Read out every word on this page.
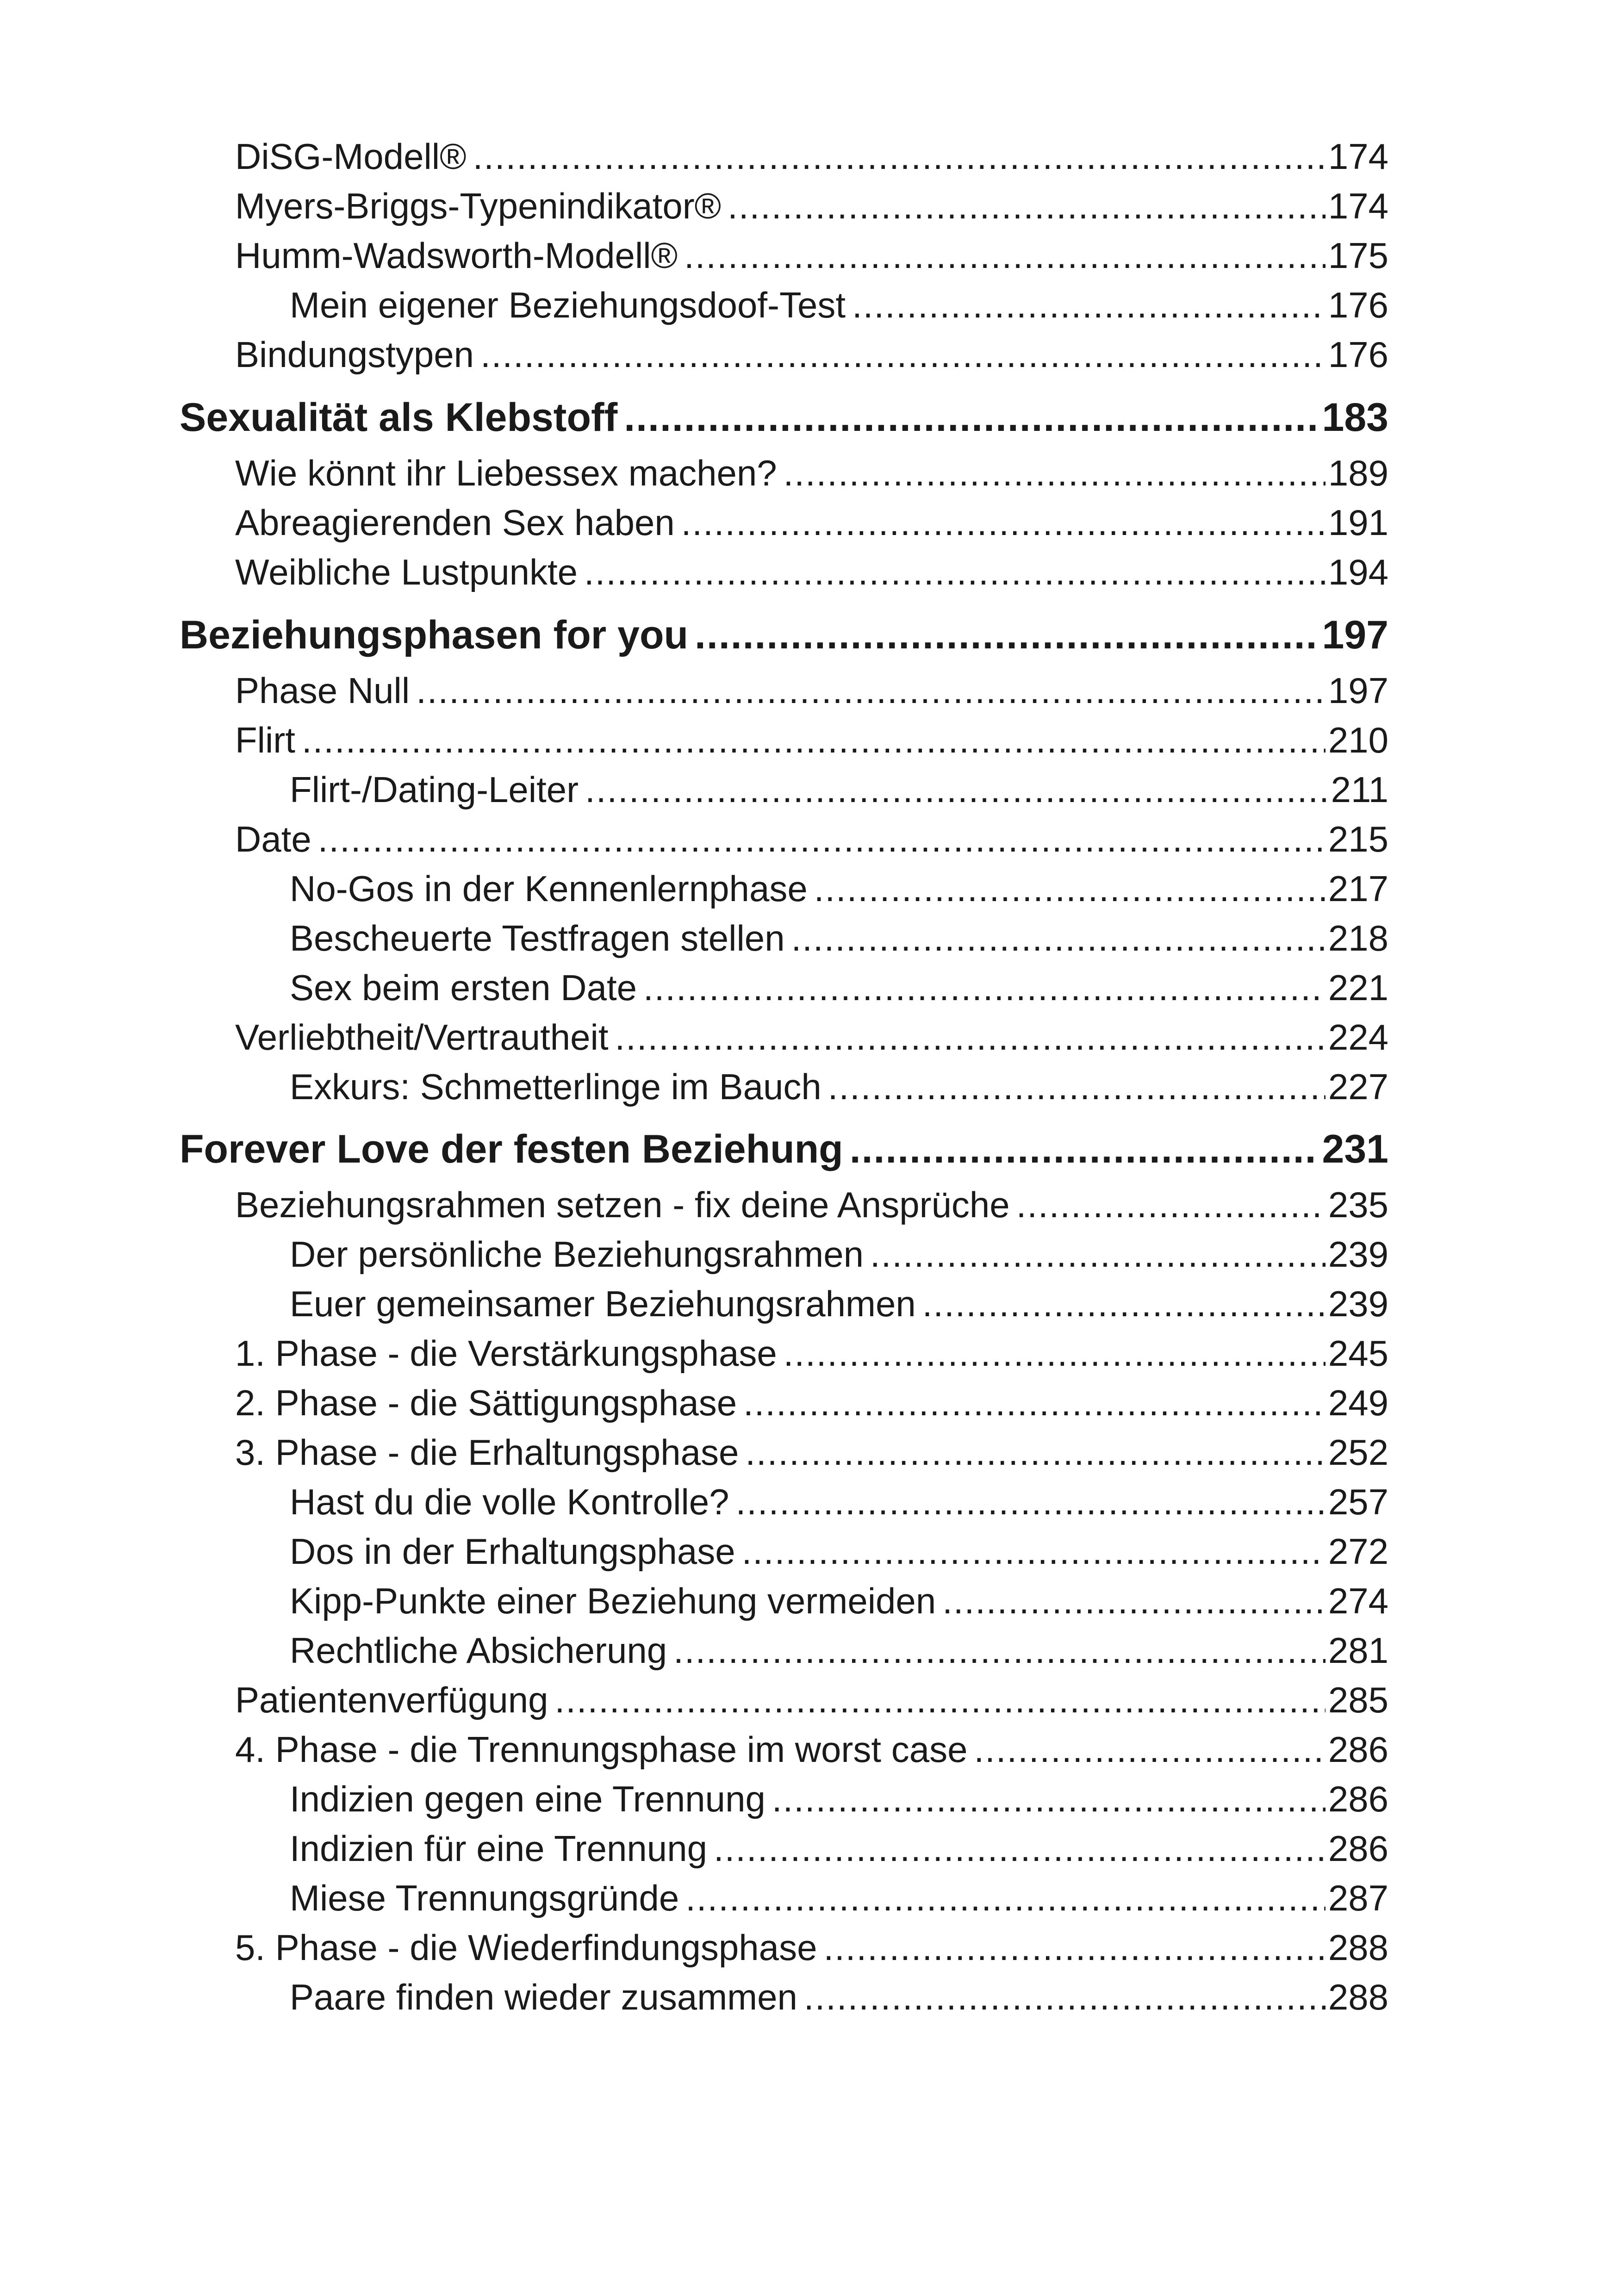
DiSG-Modell® .....	174
Myers-Briggs-Typenindikator® .....	174
Humm-Wadsworth-Modell® .....	175
Mein eigener Beziehungsdoof-Test .....	176
Bindungstypen .....	176
Sexualität als Klebstoff .....	183
Wie könnt ihr Liebessex machen? .....	189
Abreagierenden Sex haben .....	191
Weibliche Lustpunkte .....	194
Beziehungsphasen for you .....	197
Phase Null .....	197
Flirt .....	210
Flirt-/Dating-Leiter .....	211
Date .....	215
No-Gos in der Kennenlernphase .....	217
Bescheuerte Testfragen stellen .....	218
Sex beim ersten Date .....	221
Verliebtheit/Vertrautheit .....	224
Exkurs: Schmetterlinge im Bauch .....	227
Forever Love der festen Beziehung .....	231
Beziehungsrahmen setzen - fix deine Ansprüche .....	235
Der persönliche Beziehungsrahmen .....	239
Euer gemeinsamer Beziehungsrahmen .....	239
1. Phase - die Verstärkungsphase .....	245
2. Phase - die Sättigungsphase .....	249
3. Phase - die Erhaltungsphase .....	252
Hast du die volle Kontrolle? .....	257
Dos in der Erhaltungsphase .....	272
Kipp-Punkte einer Beziehung vermeiden .....	274
Rechtliche Absicherung .....	281
Patientenverfügung .....	285
4. Phase - die Trennungsphase im worst case .....	286
Indizien gegen eine Trennung .....	286
Indizien für eine Trennung .....	286
Miese Trennungsgründe .....	287
5. Phase - die Wiederfindungsphase .....	288
Paare finden wieder zusammen .....	288
